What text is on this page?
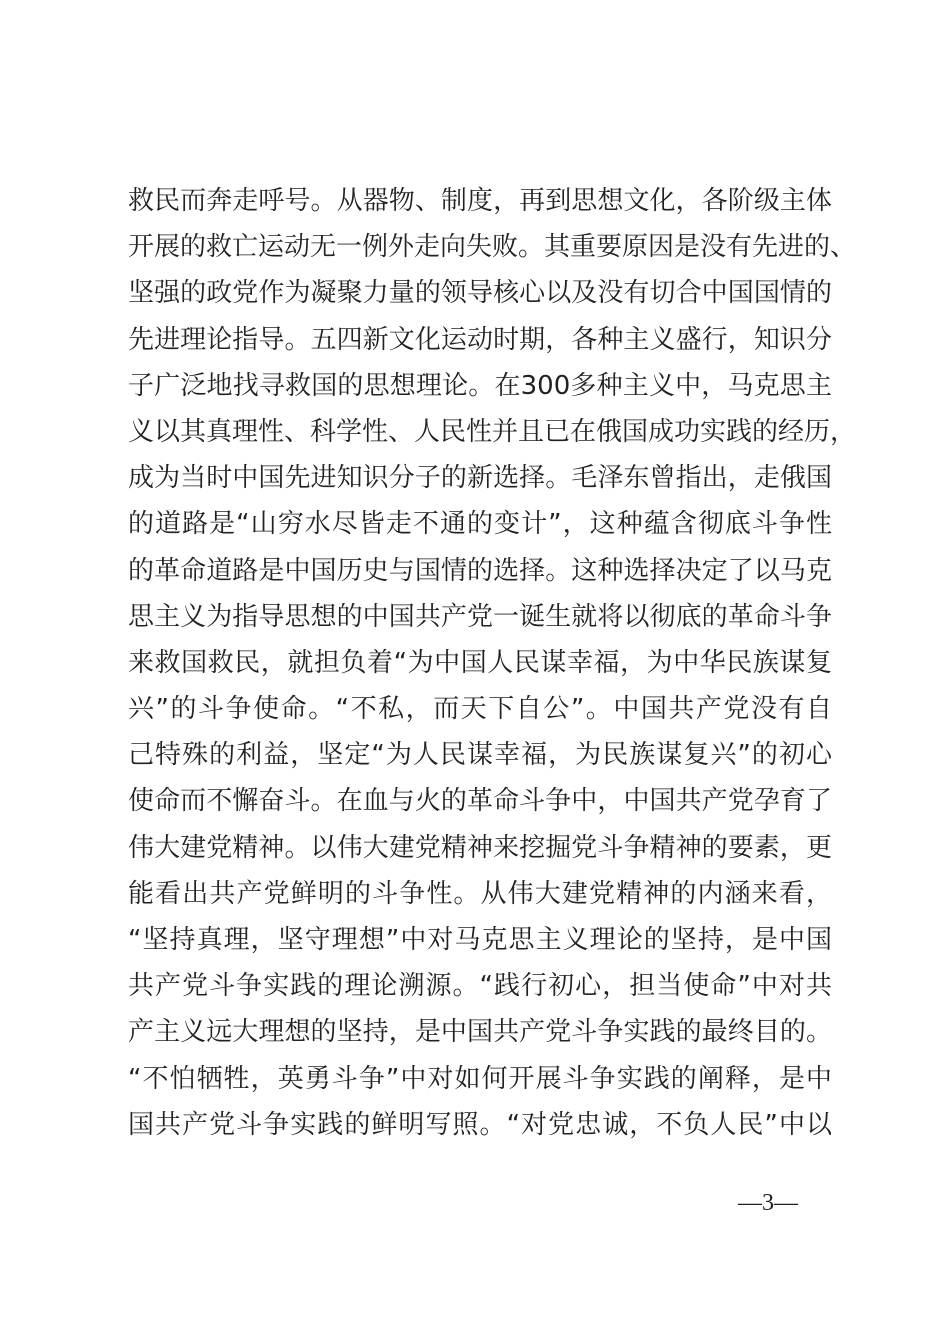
救民而奔走呼号。从器物、制度，再到思想文化，各阶级主体
开展的救亡运动无一例外走向失败。其重要原因是没有先进的、
坚强的政党作为凝聚力量的领导核心以及没有切合中国国情的
先进理论指导。五四新文化运动时期，各种主义盛行，知识分
子广泛地找寻救国的思想理论。在300多种主义中，马克思主
义以其真理性、科学性、人民性并且已在俄国成功实践的经历，
成为当时中国先进知识分子的新选择。毛泽东曾指出，走俄国
的道路是“山穷水尽皆走不通的变计”，这种蕴含彻底斗争性
的革命道路是中国历史与国情的选择。这种选择决定了以马克
思主义为指导思想的中国共产党一诞生就将以彻底的革命斗争
来救国救民，就担负着“为中国人民谋幸福，为中华民族谋复
兴”的斗争使命。“不私，而天下自公”。中国共产党没有自
己特殊的利益，坚定“为人民谋幸福，为民族谋复兴”的初心
使命而不懈奋斗。在血与火的革命斗争中，中国共产党孕育了
伟大建党精神。以伟大建党精神来挖掘党斗争精神的要素，更
能看出共产党鲜明的斗争性。从伟大建党精神的内涵来看，
“坚持真理，坚守理想”中对马克思主义理论的坚持，是中国
共产党斗争实践的理论溯源。“践行初心，担当使命”中对共
产主义远大理想的坚持，是中国共产党斗争实践的最终目的。
“不怕牺牲，英勇斗争”中对如何开展斗争实践的阐释，是中
国共产党斗争实践的鲜明写照。“对党忠诚，不负人民”中以
—3—
